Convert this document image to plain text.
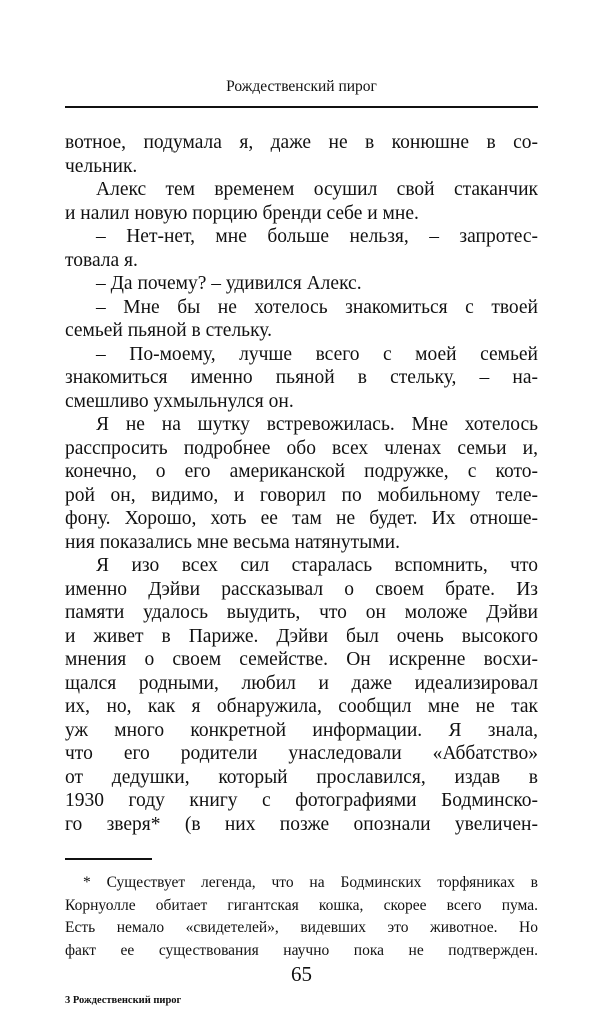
Рождественский пирог
вотное, подумала я, даже не в конюшне в со-
чельник.
Алекс тем временем осушил свой стаканчик
и налил новую порцию бренди себе и мне.
– Нет-нет, мне больше нельзя, – запротес-
товала я.
– Да почему? – удивился Алекс.
– Мне бы не хотелось знакомиться с твоей
семьей пьяной в стельку.
– По-моему, лучше всего с моей семьей
знакомиться именно пьяной в стельку, – на-
смешливо ухмыльнулся он.
Я не на шутку встревожилась. Мне хотелось
расспросить подробнее обо всех членах семьи и,
конечно, о его американской подружке, с кото-
рой он, видимо, и говорил по мобильному теле-
фону. Хорошо, хоть ее там не будет. Их отноше-
ния показались мне весьма натянутыми.
Я изо всех сил старалась вспомнить, что
именно Дэйви рассказывал о своем брате. Из
памяти удалось выудить, что он моложе Дэйви
и живет в Париже. Дэйви был очень высокого
мнения о своем семействе. Он искренне восхи-
щался родными, любил и даже идеализировал
их, но, как я обнаружила, сообщил мне не так
уж много конкретной информации. Я знала,
что его родители унаследовали «Аббатство»
от дедушки, который прославился, издав в
1930 году книгу с фотографиями Бодминско-
го зверя* (в них позже опознали увеличен-
* Существует легенда, что на Бодминских торфяниках в
Корнуолле обитает гигантская кошка, скорее всего пума.
Есть немало «свидетелей», видевших это животное. Но
факт ее существования научно пока не подтвержден.
65
3 Рождественский пирог
